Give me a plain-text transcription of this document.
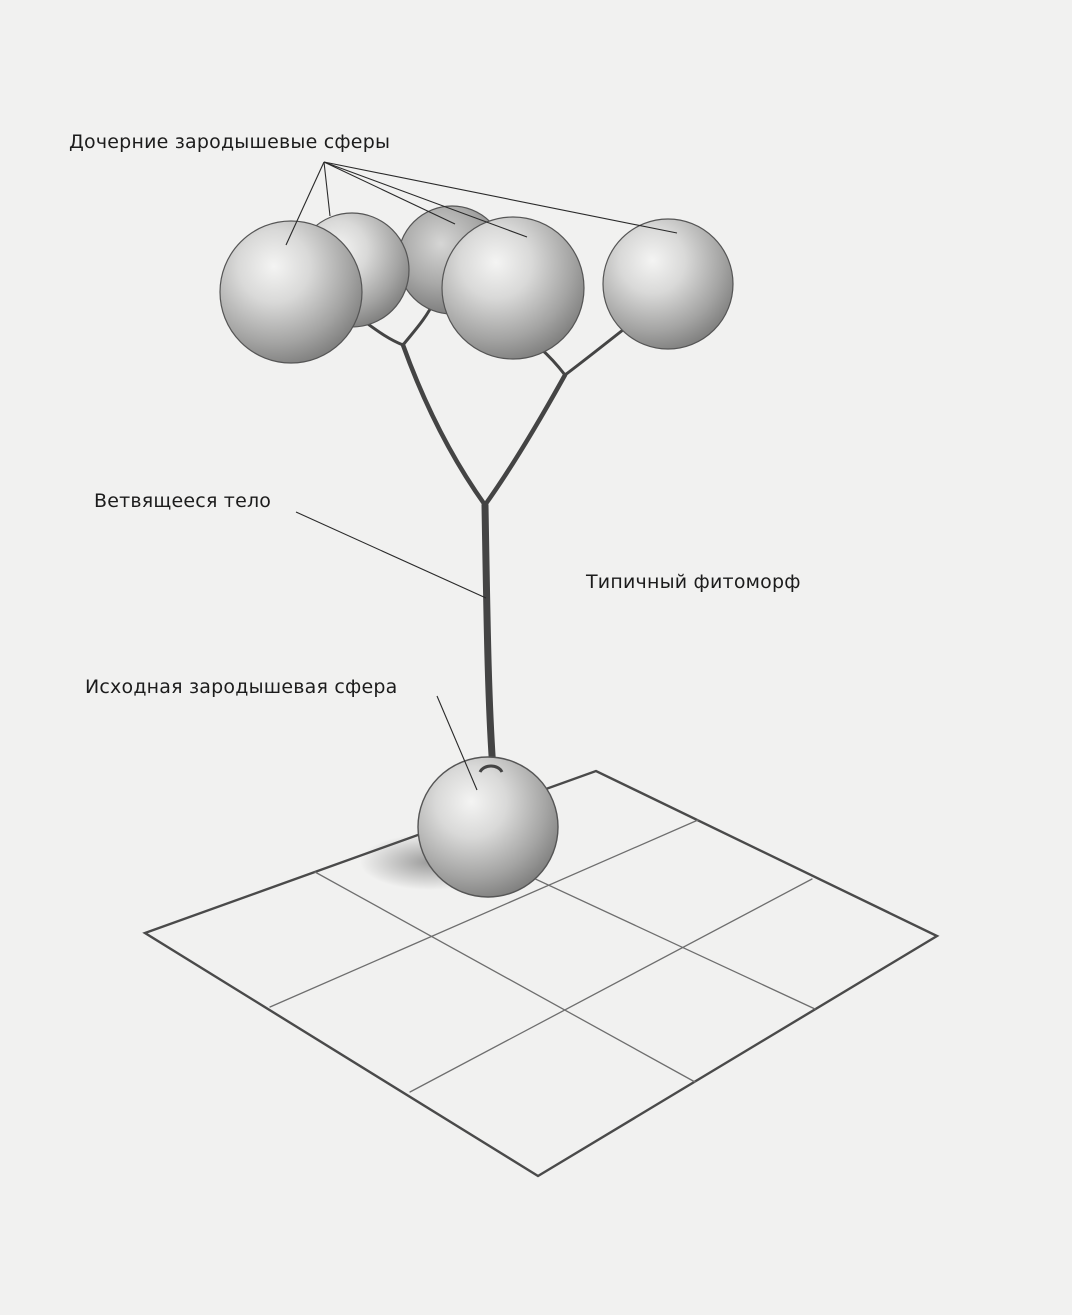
Дочерние зародышевые сферы
Ветвящееся тело
Типичный фитоморф
Исходная зародышевая сфера
